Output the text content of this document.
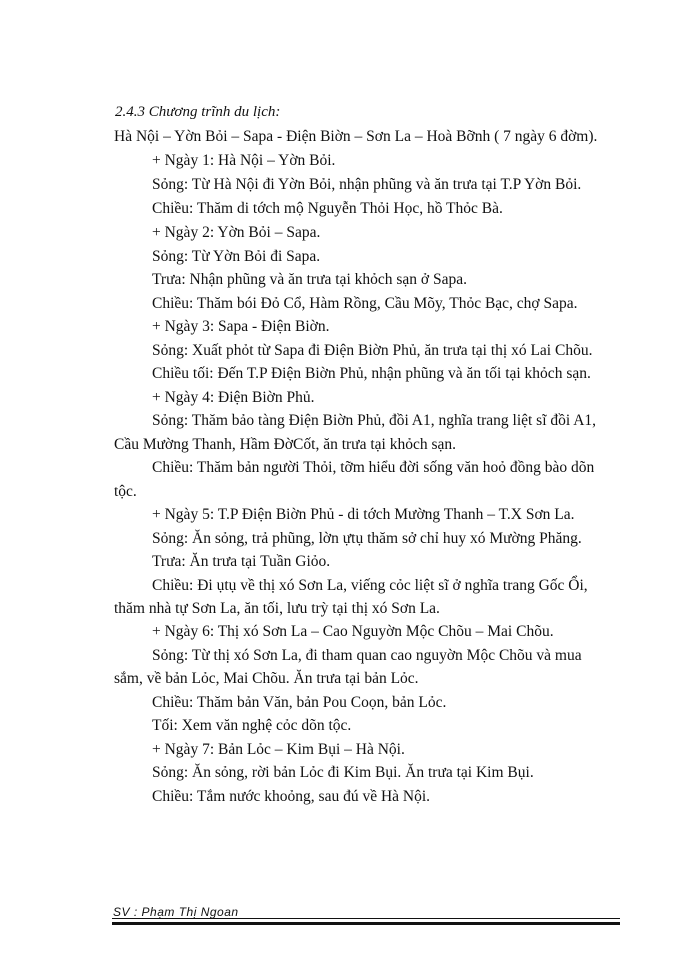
2.4.3 Chương trĩnh du lịch:
Hà Nội – Yờn Bỏi – Sapa - Điện Biờn – Sơn La – Hoà Bỡnh ( 7 ngày 6 đờm).
+ Ngày 1: Hà Nội – Yờn Bỏi.
Sỏng: Từ Hà Nội đi Yờn Bỏi, nhận phũng và ăn trưa tại T.P Yờn Bỏi.
Chiều: Thăm di tớch mộ Nguyễn Thỏi Học, hồ Thỏc Bà.
+ Ngày 2: Yờn Bỏi – Sapa.
Sỏng: Từ Yờn Bỏi đi Sapa.
Trưa: Nhận phũng và ăn trưa tại khỏch sạn ở Sapa.
Chiều: Thăm bói Đỏ Cổ, Hàm Rồng, Cầu Mõy, Thỏc Bạc, chợ Sapa.
+ Ngày 3: Sapa - Điện Biờn.
Sỏng: Xuất phỏt từ Sapa đi Điện Biờn Phủ, ăn trưa tại thị xó Lai Chõu.
Chiều tối: Đến T.P Điện Biờn Phủ, nhận phũng và ăn tối tại khỏch sạn.
+ Ngày 4: Điện Biờn Phủ.
Sỏng: Thăm bảo tàng Điện Biờn Phủ, đồi A1, nghĩa trang liệt sĩ đồi A1,
Cầu Mường Thanh, Hầm ĐờCốt, ăn trưa tại khỏch sạn.
Chiều: Thăm bản người Thỏi, tỡm hiểu đời sống văn hoỏ đồng bào dõn
tộc.
+ Ngày 5: T.P Điện Biờn Phủ - di tớch Mường Thanh – T.X Sơn La.
Sỏng: Ăn sỏng, trả phũng, lờn ựtụ thăm sở chỉ huy xó Mường Phăng.
Trưa: Ăn trưa tại Tuần Giỏo.
Chiều: Đi ụtụ về thị xó Sơn La, viếng cỏc liệt sĩ ở nghĩa trang Gốc Ổi,
thăm nhà tự Sơn La, ăn tối, lưu trỳ tại thị xó Sơn La.
+ Ngày 6: Thị xó Sơn La – Cao Nguyờn Mộc Chõu – Mai Chõu.
Sỏng: Từ thị xó Sơn La, đi tham quan cao nguyờn Mộc Chõu và mua
sắm, về bản Lỏc, Mai Chõu. Ăn trưa tại bản Lỏc.
Chiều: Thăm bản Văn, bản Pou Coọn, bản Lỏc.
Tối: Xem văn nghệ cỏc dõn tộc.
+ Ngày 7: Bản Lỏc – Kim Bụi – Hà Nội.
Sỏng: Ăn sỏng, rời bản Lỏc đi Kim Bụi. Ăn trưa tại Kim Bụi.
Chiều: Tắm nước khoỏng, sau đú về Hà Nội.
SV : Phạm Thị Ngoan
